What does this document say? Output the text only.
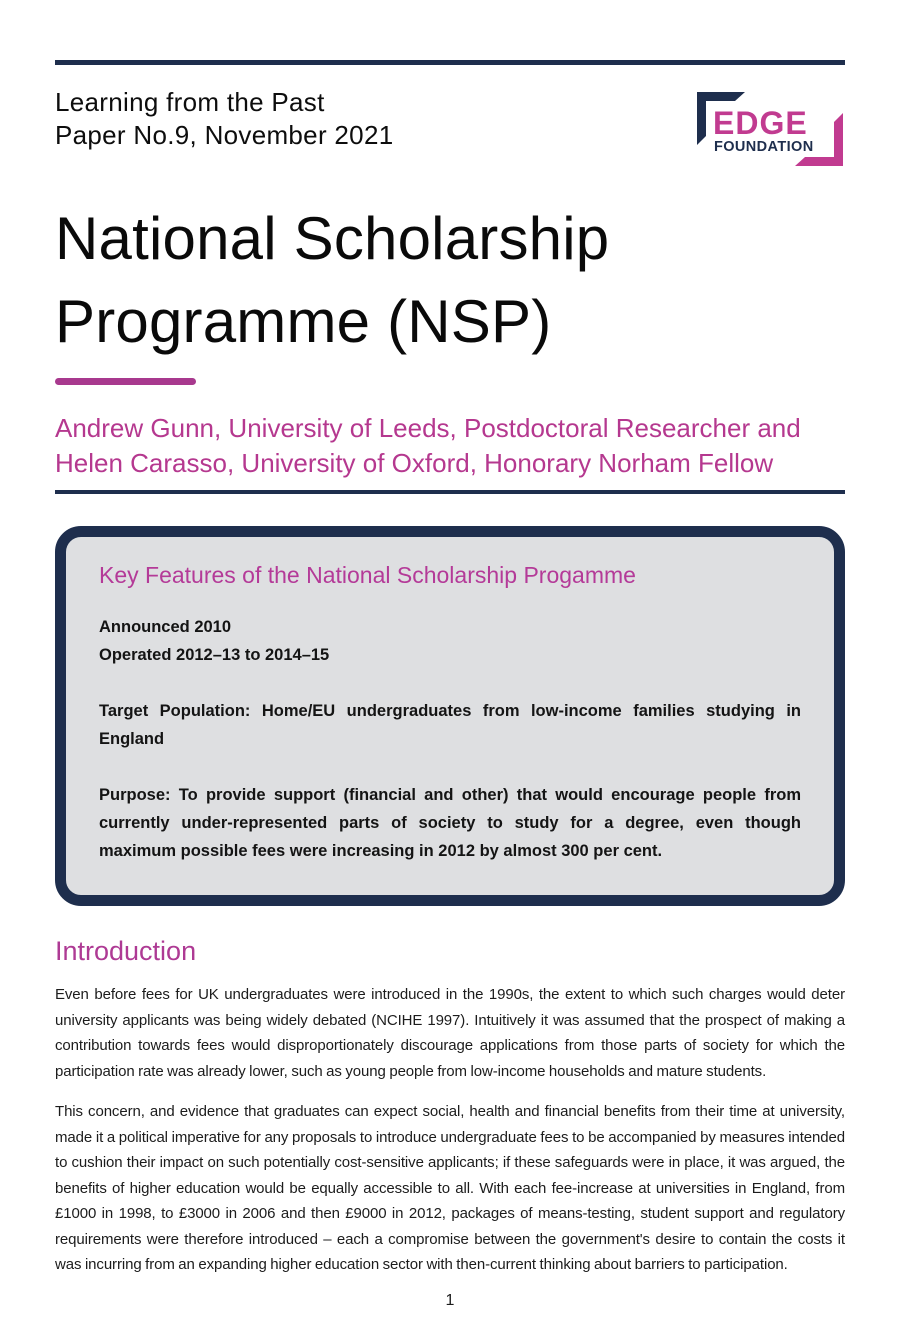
Learning from the Past
Paper No.9, November 2021	EDGE
FOUNDATION
National Scholarship Programme (NSP)

Andrew Gunn, University of Leeds, Postdoctoral Researcher and Helen Carasso, University of Oxford, Honorary Norham Fellow

Key Features of the National Scholarship Progamme
Announced 2010
Operated 2012–13 to 2014–15

Target Population: Home/EU undergraduates from low-income families studying in England

Purpose: To provide support (financial and other) that would encourage people from currently under-represented parts of society to study for a degree, even though maximum possible fees were increasing in 2012 by almost 300 per cent.

Introduction

Even before fees for UK undergraduates were introduced in the 1990s, the extent to which such charges would deter university applicants was being widely debated (NCIHE 1997). Intuitively it was assumed that the prospect of making a contribution towards fees would disproportionately discourage applications from those parts of society for which the participation rate was already lower, such as young people from low-income households and mature students.

This concern, and evidence that graduates can expect social, health and financial benefits from their time at university, made it a political imperative for any proposals to introduce undergraduate fees to be accompanied by measures intended to cushion their impact on such potentially cost-sensitive applicants; if these safeguards were in place, it was argued, the benefits of higher education would be equally accessible to all. With each fee-increase at universities in England, from £1000 in 1998, to £3000 in 2006 and then £9000 in 2012, packages of means-testing, student support and regulatory requirements were therefore introduced – each a compromise between the government's desire to contain the costs it was incurring from an expanding higher education sector with then-current thinking about barriers to participation.

1
